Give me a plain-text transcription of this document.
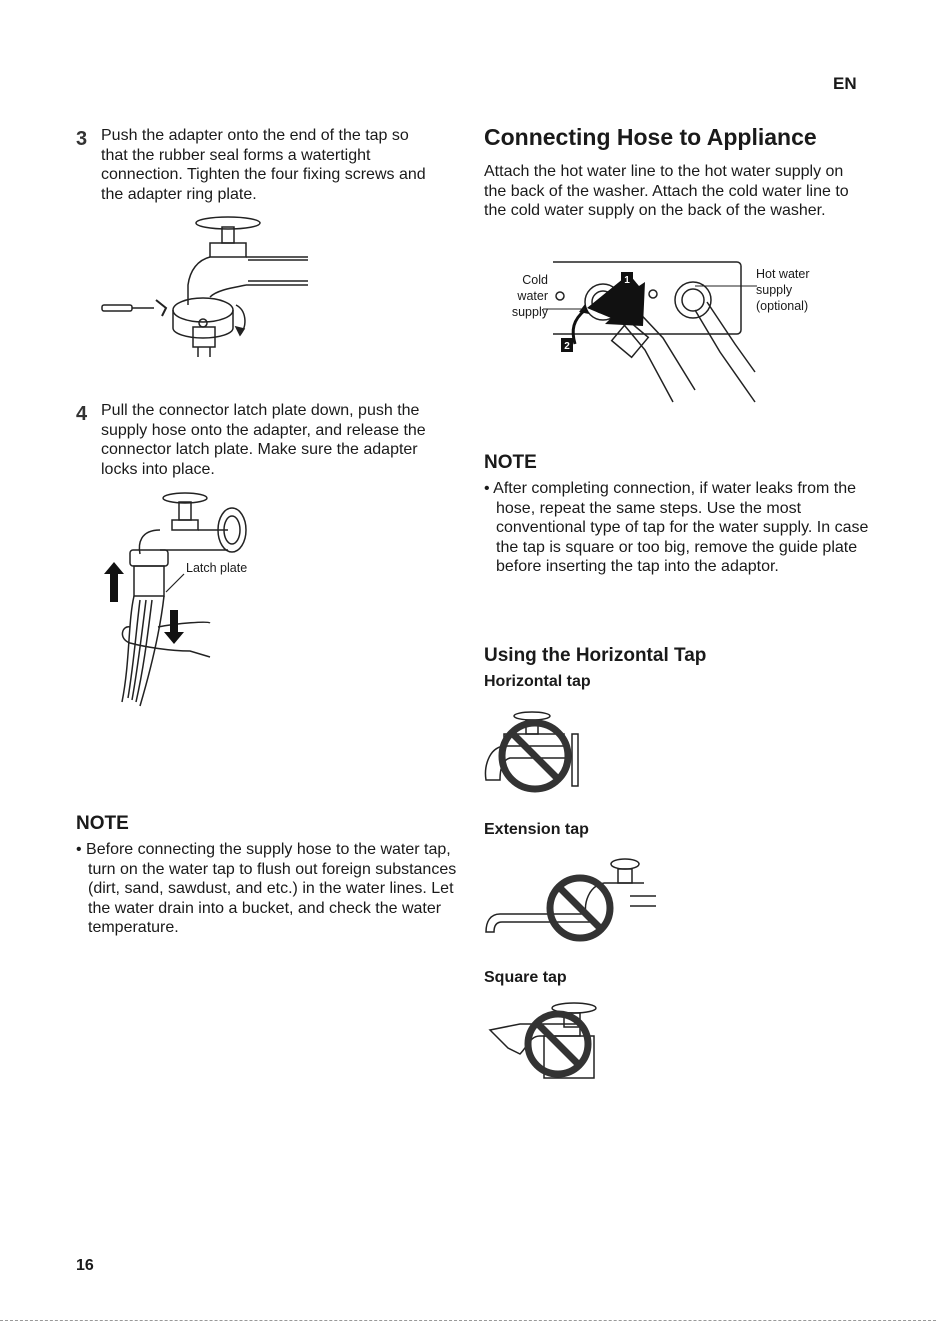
EN
3 Push the adapter onto the end of the tap so that the rubber seal forms a watertight connection. Tighten the four fixing screws and the adapter ring plate.
4 Pull the connector latch plate down, push the supply hose onto the adapter, and release the connector latch plate. Make sure the adapter locks into place.
Latch plate
NOTE
• Before connecting the supply hose to the water tap, turn on the water tap to flush out foreign substances (dirt, sand, sawdust, and etc.) in the water lines. Let the water drain into a bucket, and check the water temperature.
Connecting Hose to Appliance
Attach the hot water line to the hot water supply on the back of the washer. Attach the cold water line to the cold water supply on the back of the washer.
1
2
Cold
water
supply
Hot water
supply
(optional)
NOTE
• After completing connection, if water leaks from the hose, repeat the same steps. Use the most conventional type of tap for the water supply. In case the tap is square or too big, remove the guide plate before inserting the tap into the adaptor.
Using the Horizontal Tap
Horizontal tap
Extension tap
Square tap
16
